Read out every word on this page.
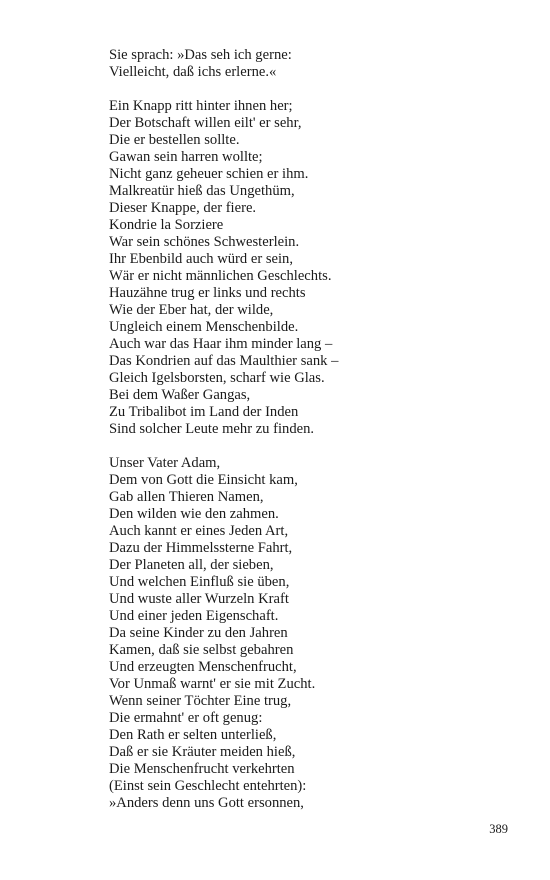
Sie sprach: »Das seh ich gerne:
Vielleicht, daß ichs erlerne.«
Ein Knapp ritt hinter ihnen her;
Der Botschaft willen eilt' er sehr,
Die er bestellen sollte.
Gawan sein harren wollte;
Nicht ganz geheuer schien er ihm.
Malkreatür hieß das Ungethüm,
Dieser Knappe, der fiere.
Kondrie la Sorziere
War sein schönes Schwesterlein.
Ihr Ebenbild auch würd er sein,
Wär er nicht männlichen Geschlechts.
Hauzähne trug er links und rechts
Wie der Eber hat, der wilde,
Ungleich einem Menschenbilde.
Auch war das Haar ihm minder lang –
Das Kondrien auf das Maulthier sank –
Gleich Igelsborsten, scharf wie Glas.
Bei dem Waßer Gangas,
Zu Tribalibot im Land der Inden
Sind solcher Leute mehr zu finden.
Unser Vater Adam,
Dem von Gott die Einsicht kam,
Gab allen Thieren Namen,
Den wilden wie den zahmen.
Auch kannt er eines Jeden Art,
Dazu der Himmelssterne Fahrt,
Der Planeten all, der sieben,
Und welchen Einfluß sie üben,
Und wuste aller Wurzeln Kraft
Und einer jeden Eigenschaft.
Da seine Kinder zu den Jahren
Kamen, daß sie selbst gebahren
Und erzeugten Menschenfrucht,
Vor Unmaß warnt' er sie mit Zucht.
Wenn seiner Töchter Eine trug,
Die ermahnt' er oft genug:
Den Rath er selten unterließ,
Daß er sie Kräuter meiden hieß,
Die Menschenfrucht verkehrten
(Einst sein Geschlecht entehrten):
»Anders denn uns Gott ersonnen,
389
